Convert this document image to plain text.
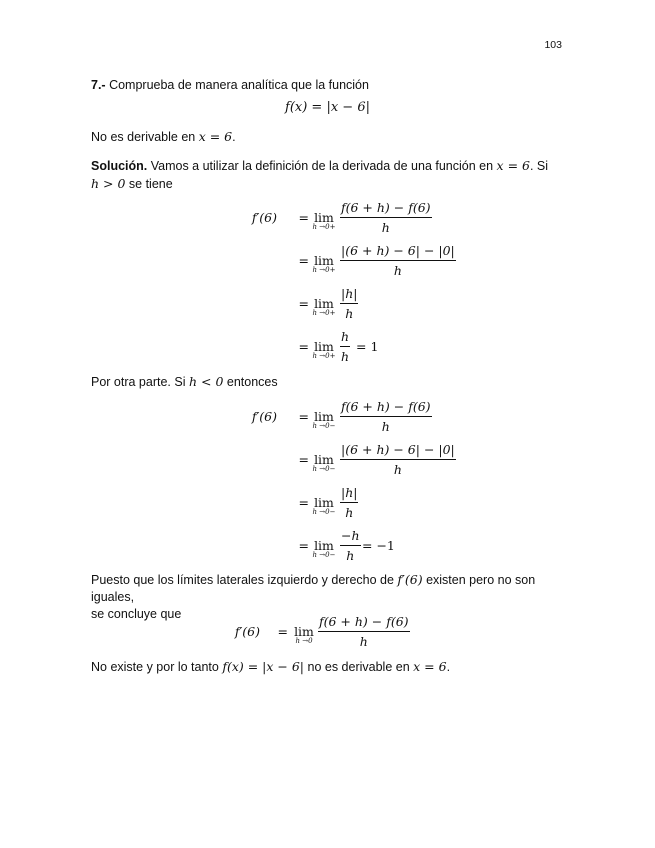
103
7.- Comprueba de manera analítica que la función
f(x) = |x − 6|
No es derivable en x = 6.
Solución. Vamos a utilizar la definición de la derivada de una función en x = 6. Si
h > 0 se tiene
f′(6) = lim
$h \to 0+ \frac{f(6 + h) - f(6)}{h}$
= lim
$h \to 0+ \frac{|(6 + h) - 6| - |0|}{h}$
= lim
$h \to 0+ \frac{|h|}{h}$
= lim
$h \to 0+ \frac{h}{h} = 1$
Por otra parte. Si h < 0 entonces
f′(6) = lim
$h \to 0- \frac{f(6 + h) - f(6)}{h}$
= lim
$h \to 0- \frac{|(6 + h) - 6| - |0|}{h}$
= lim
$h \to 0- \frac{|h|}{h}$
= lim
$h \to 0- \frac{-h}{h} = -1$
Puesto que los límites laterales izquierdo y derecho de f′(6) existen pero no son iguales,
se concluye que
f′(6) = lim
$h \to 0 \frac{f(6 + h) - f(6)}{h}$
No existe y por lo tanto f(x) = |x − 6| no es derivable en x = 6.
